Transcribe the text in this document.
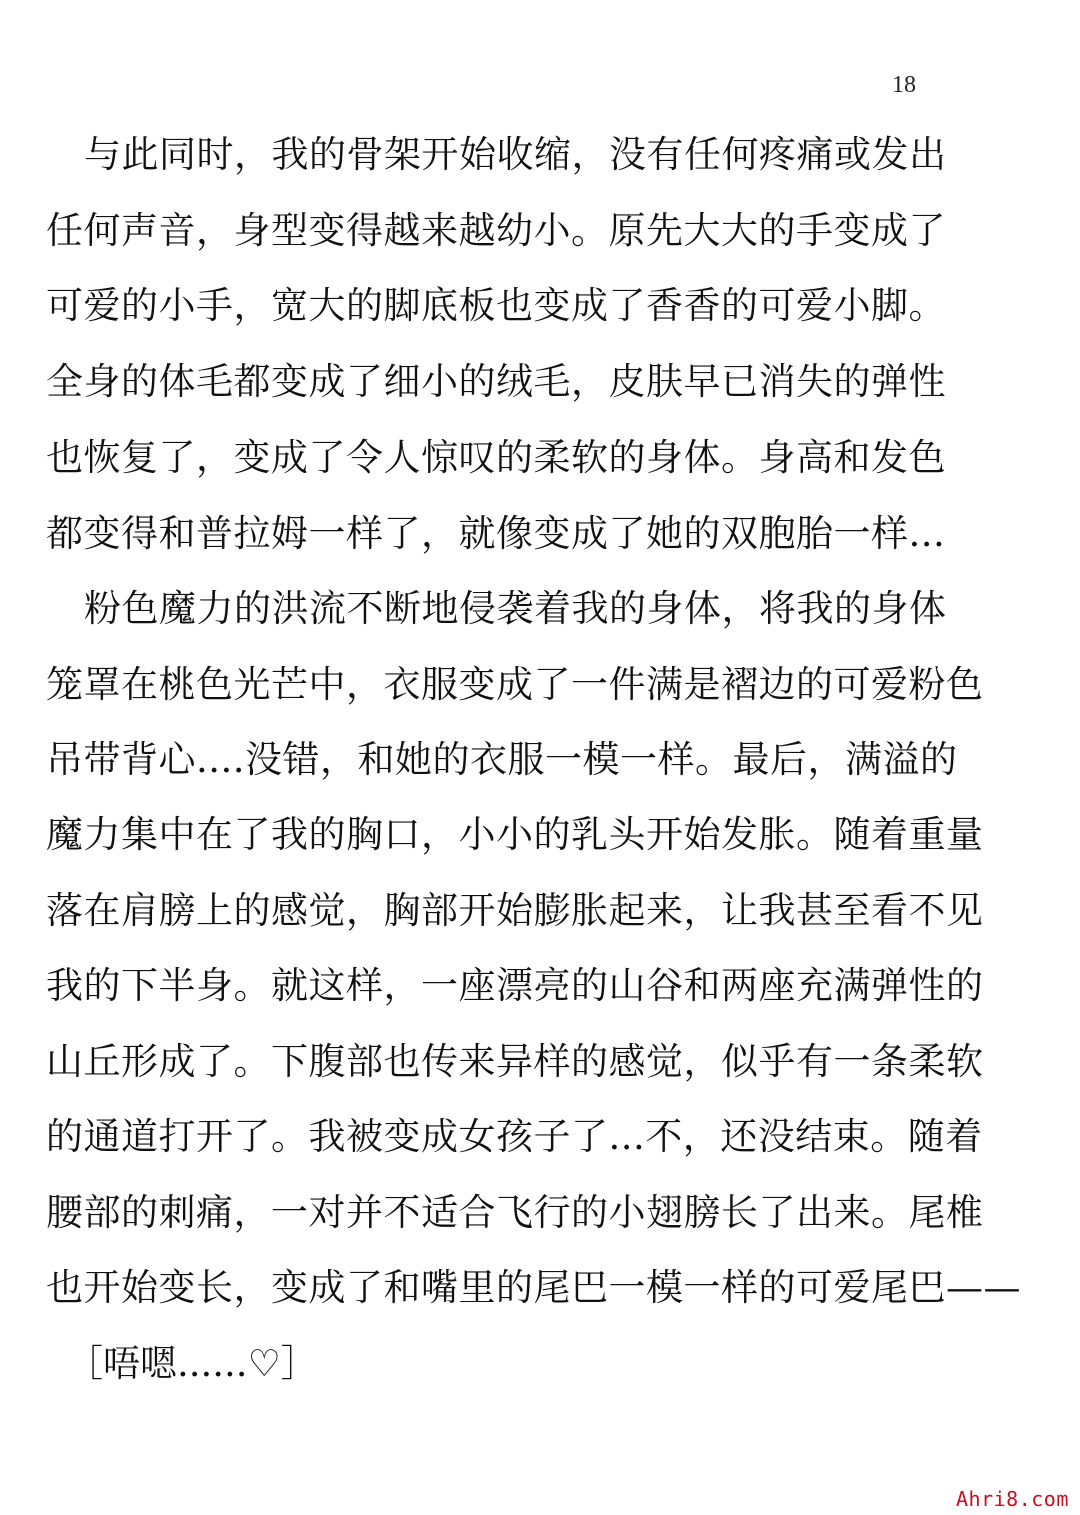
18
与此同时，我的骨架开始收缩，没有任何疼痛或发出
任何声音，身型变得越来越幼小。原先大大的手变成了
可爱的小手，宽大的脚底板也变成了香香的可爱小脚。
全身的体毛都变成了细小的绒毛，皮肤早已消失的弹性
也恢复了，变成了令人惊叹的柔软的身体。身高和发色
都变得和普拉姆一样了，就像变成了她的双胞胎一样...
粉色魔力的洪流不断地侵袭着我的身体，将我的身体
笼罩在桃色光芒中，衣服变成了一件满是褶边的可爱粉色
吊带背心....没错，和她的衣服一模一样。最后，满溢的
魔力集中在了我的胸口，小小的乳头开始发胀。随着重量
落在肩膀上的感觉，胸部开始膨胀起来，让我甚至看不见
我的下半身。就这样，一座漂亮的山谷和两座充满弹性的
山丘形成了。下腹部也传来异样的感觉，似乎有一条柔软
的通道打开了。我被变成女孩子了...不，还没结束。随着
腰部的刺痛，一对并不适合飞行的小翅膀长了出来。尾椎
也开始变长，变成了和嘴里的尾巴一模一样的可爱尾巴——
［唔嗯......♡］
Ahri8.com
